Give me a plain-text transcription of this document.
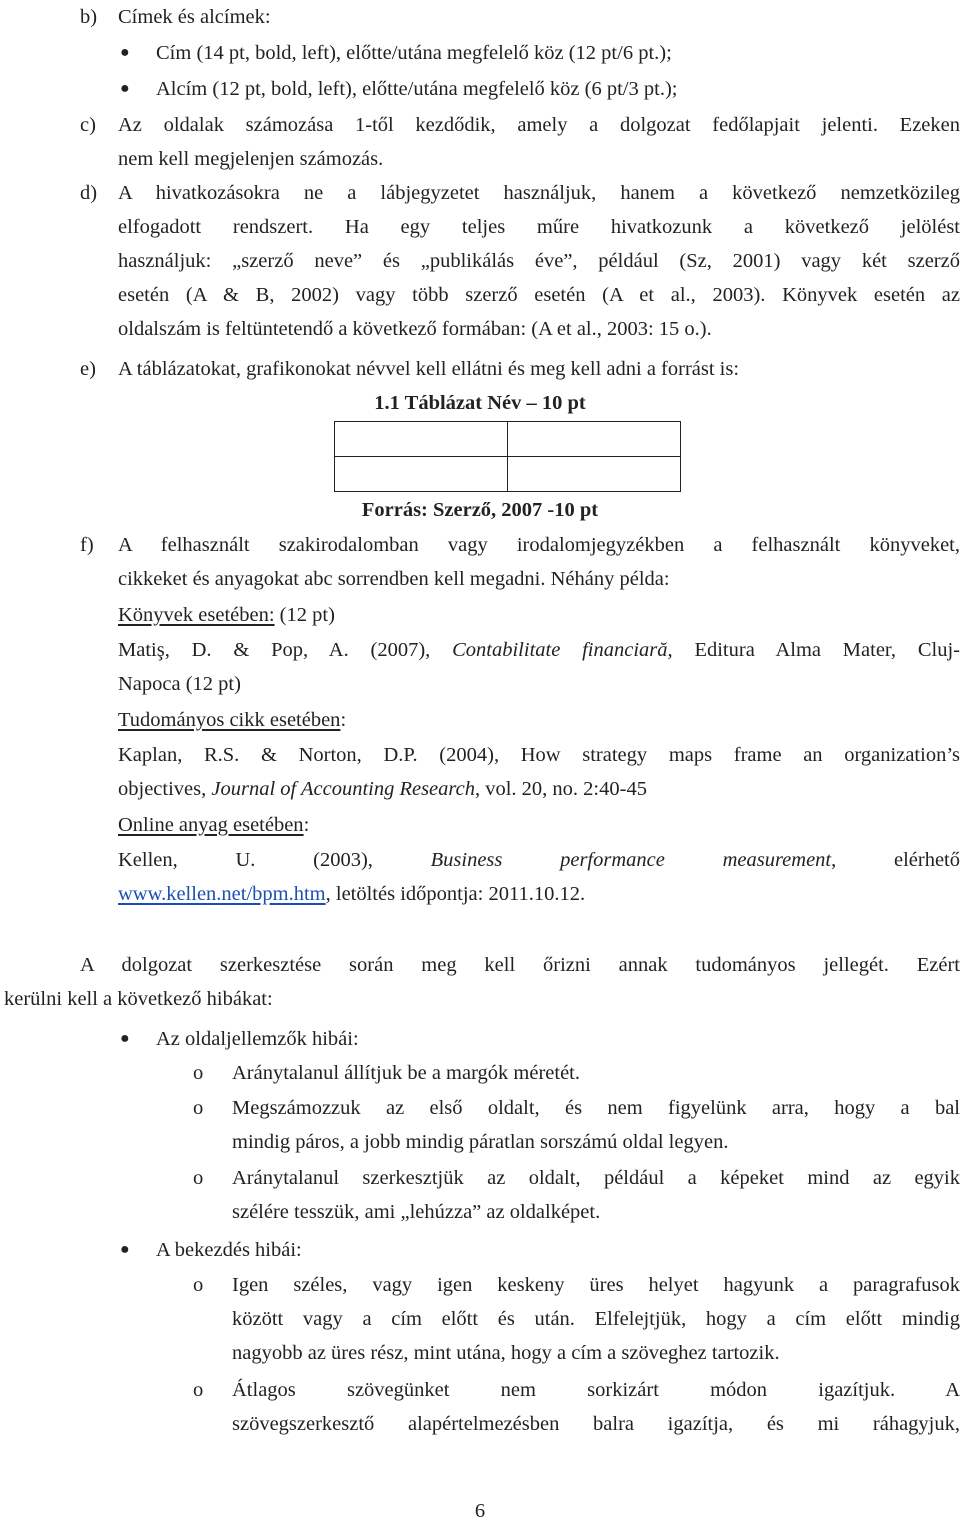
b) Címek és alcímek:
● Cím (14 pt, bold, left), előtte/utána megfelelő köz (12 pt/6 pt.);
● Alcím (12 pt, bold, left), előtte/utána megfelelő köz (6 pt/3 pt.);
c) Az oldalak számozása 1-től kezdődik, amely a dolgozat fedőlapjait jelenti. Ezeken
nem kell megjelenjen számozás.
d) A hivatkozásokra ne a lábjegyzetet használjuk, hanem a következő nemzetközileg
elfogadott rendszert. Ha egy teljes műre hivatkozunk a következő jelölést
használjuk: „szerző neve” és „publikálás éve”, például (Sz, 2001) vagy két szerző
esetén (A & B, 2002) vagy több szerző esetén (A et al., 2003). Könyvek esetén az
oldalszám is feltüntetendő a következő formában: (A et al., 2003: 15 o.).
e) A táblázatokat, grafikonokat névvel kell ellátni és meg kell adni a forrást is:
1.1 Táblázat Név – 10 pt

Forrás: Szerző, 2007 -10 pt
f) A felhasznált szakirodalomban vagy irodalomjegyzékben a felhasznált könyveket,
cikkeket és anyagokat abc sorrendben kell megadni. Néhány példa:
Könyvek esetében: (12 pt)
Matiş, D. & Pop, A. (2007), Contabilitate financiară, Editura Alma Mater, Cluj-
Napoca (12 pt)
Tudományos cikk esetében:
Kaplan, R.S. & Norton, D.P. (2004), How strategy maps frame an organization’s
objectives, Journal of Accounting Research, vol. 20, no. 2:40-45
Online anyag esetében:
Kellen, U. (2003), Business performance measurement, elérhető
www.kellen.net/bpm.htm, letöltés időpontja: 2011.10.12.
A dolgozat szerkesztése során meg kell őrizni annak tudományos jellegét. Ezért
kerülni kell a következő hibákat:
● Az oldaljellemzők hibái:
o Aránytalanul állítjuk be a margók méretét.
o Megszámozzuk az első oldalt, és nem figyelünk arra, hogy a bal
mindig páros, a jobb mindig páratlan sorszámú oldal legyen.
o Aránytalanul szerkesztjük az oldalt, például a képeket mind az egyik
szélére tesszük, ami „lehúzza” az oldalképet.
● A bekezdés hibái:
o Igen széles, vagy igen keskeny üres helyet hagyunk a paragrafusok
között vagy a cím előtt és után. Elfelejtjük, hogy a cím előtt mindig
nagyobb az üres rész, mint utána, hogy a cím a szöveghez tartozik.
o Átlagos szövegünket nem sorkizárt módon igazítjuk. A
szövegszerkesztő alapértelmezésben balra igazítja, és mi ráhagyjuk,
6
